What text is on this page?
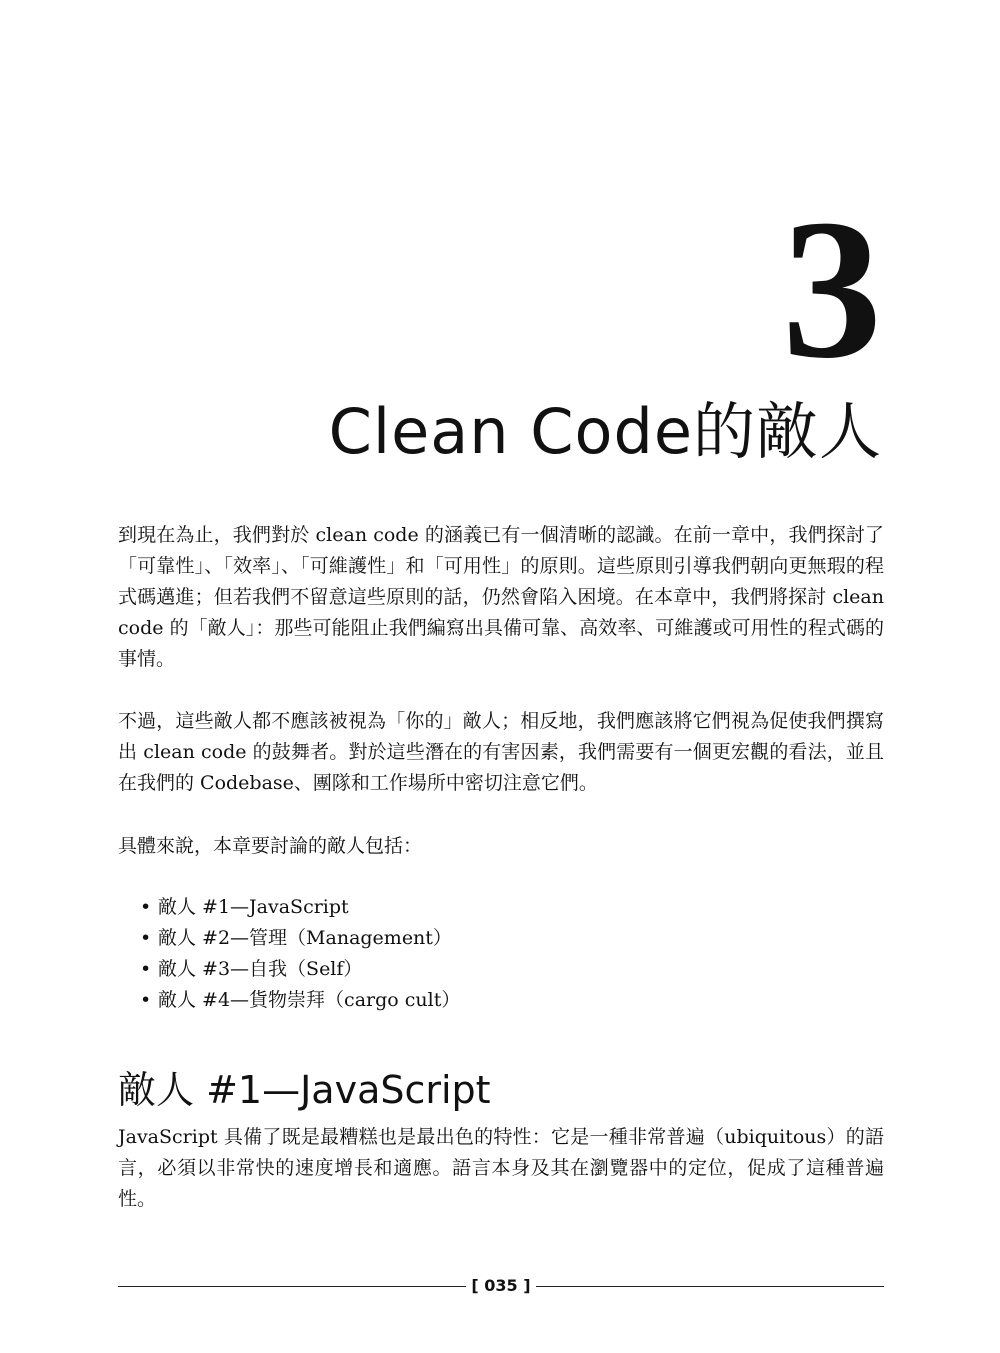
3
Clean Code的敵人

到現在為止，我們對於 clean code 的涵義已有一個清晰的認識。在前一章中，我們探討了「可靠性」、「效率」、「可維護性」和「可用性」的原則。這些原則引導我們朝向更無瑕的程式碼邁進；但若我們不留意這些原則的話，仍然會陷入困境。在本章中，我們將探討 clean code 的「敵人」：那些可能阻止我們編寫出具備可靠、高效率、可維護或可用性的程式碼的事情。

不過，這些敵人都不應該被視為「你的」敵人；相反地，我們應該將它們視為促使我們撰寫出 clean code 的鼓舞者。對於這些潛在的有害因素，我們需要有一個更宏觀的看法，並且在我們的 Codebase、團隊和工作場所中密切注意它們。

具體來說，本章要討論的敵人包括：

• 敵人 #1—JavaScript
• 敵人 #2—管理（Management）
• 敵人 #3—自我（Self）
• 敵人 #4—貨物崇拜（cargo cult）
敵人 #1—JavaScript

JavaScript 具備了既是最糟糕也是最出色的特性：它是一種非常普遍（ubiquitous）的語言，必須以非常快的速度增長和適應。語言本身及其在瀏覽器中的定位，促成了這種普遍性。

[ 035 ]
